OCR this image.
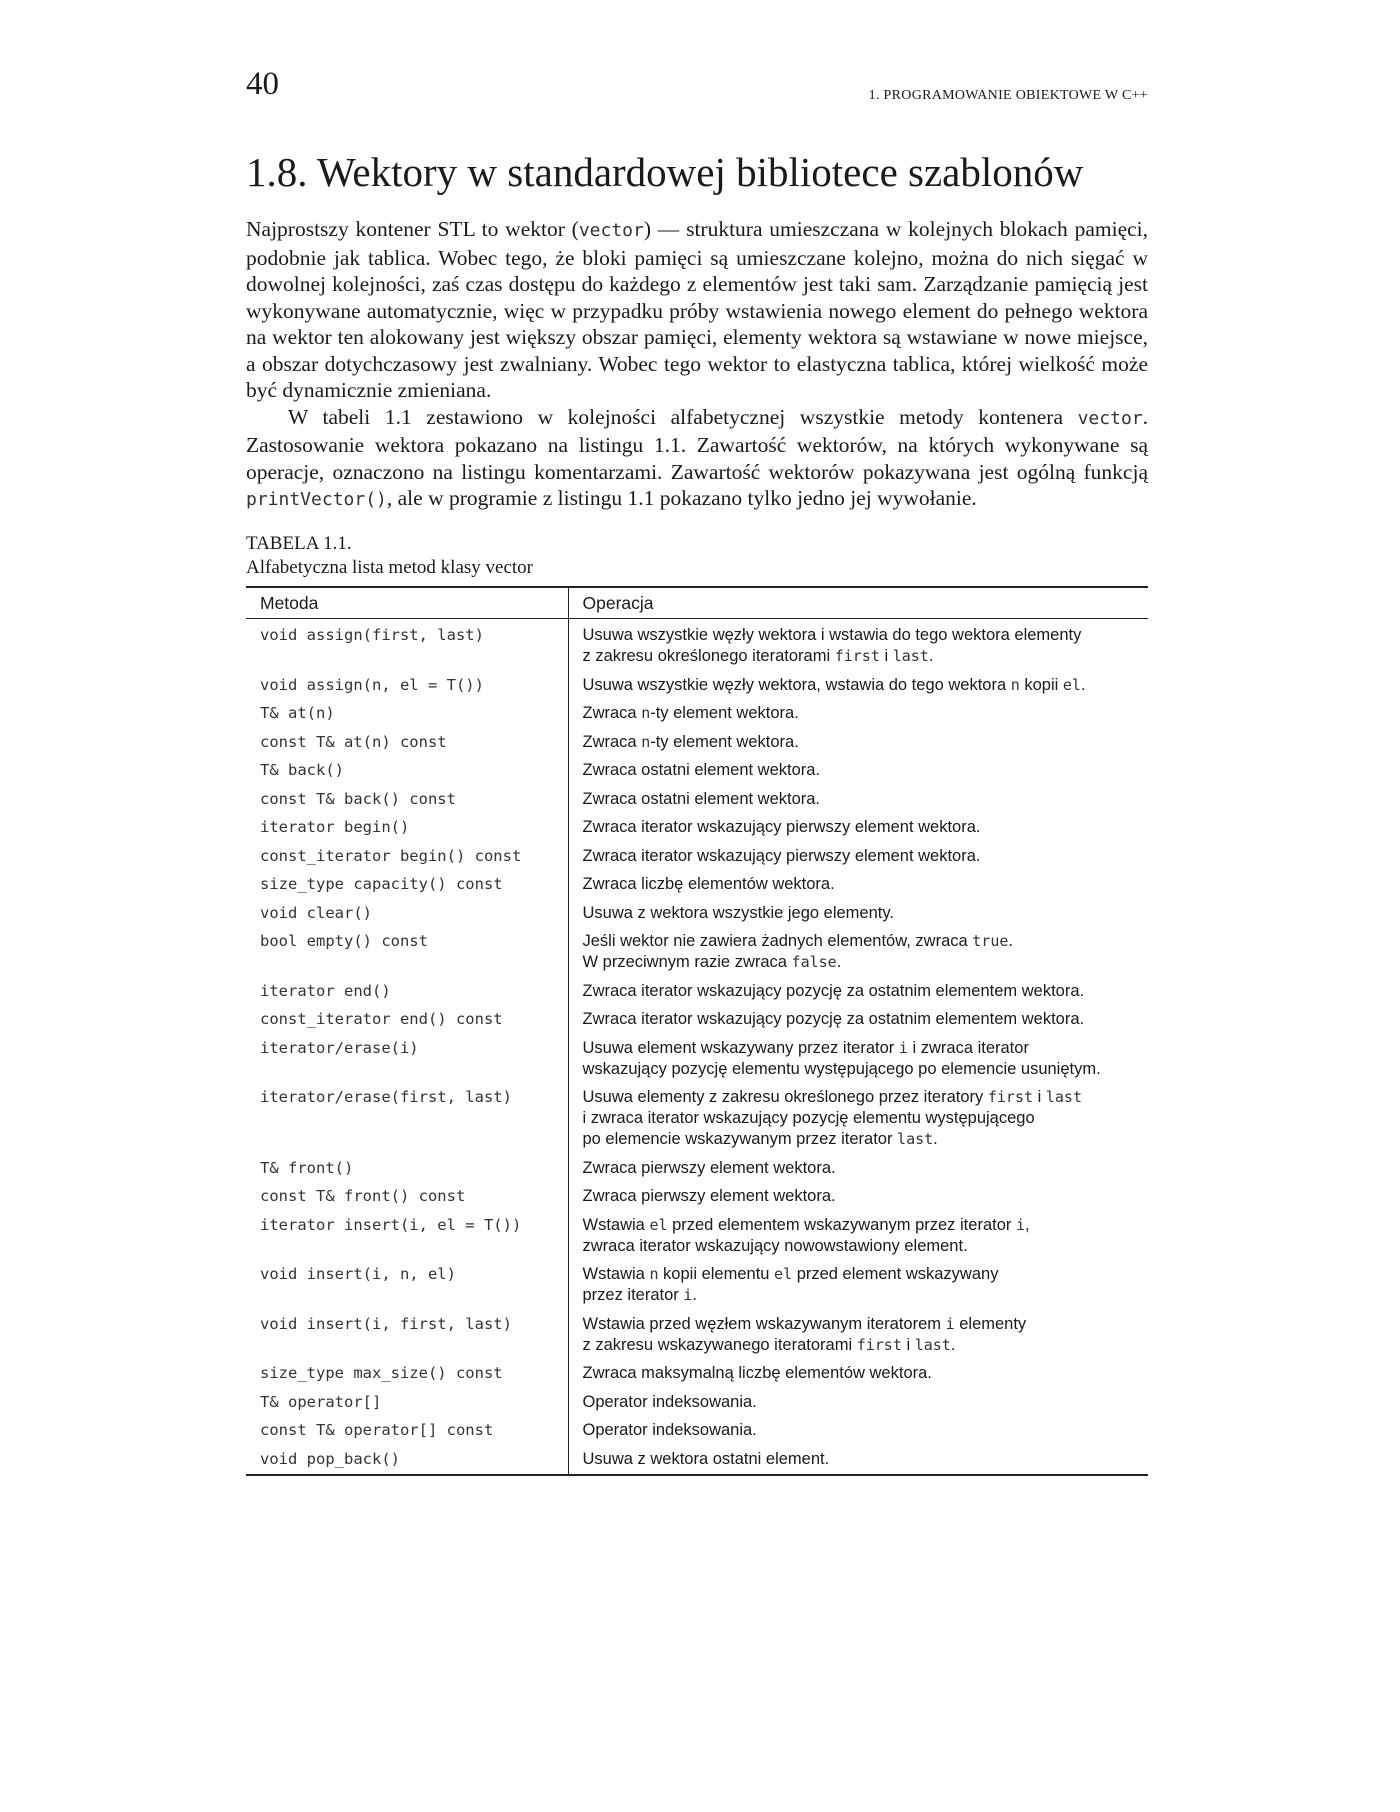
40	1. PROGRAMOWANIE OBIEKTOWE W C++
1.8. Wektory w standardowej bibliotece szablonów

Najprostszy kontener STL to wektor (vector) — struktura umieszczana w kolejnych blokach pamięci, podobnie jak tablica. Wobec tego, że bloki pamięci są umieszczane kolejno, można do nich sięgać w dowolnej kolejności, zaś czas dostępu do każdego z elementów jest taki sam. Zarządzanie pamięcią jest wykonywane automatycznie, więc w przypadku próby wstawienia nowego element do pełnego wektora na wektor ten alokowany jest większy obszar pamięci, elementy wektora są wstawiane w nowe miejsce, a obszar dotychczasowy jest zwalniany. Wobec tego wektor to elastyczna tablica, której wielkość może być dynamicznie zmieniana.

W tabeli 1.1 zestawiono w kolejności alfabetycznej wszystkie metody kontenera vector. Zastosowanie wektora pokazano na listingu 1.1. Zawartość wektorów, na których wykonywane są operacje, oznaczono na listingu komentarzami. Zawartość wektorów pokazywana jest ogólną funkcją printVector(), ale w programie z listingu 1.1 pokazano tylko jedno jej wywołanie.

TABELA 1.1.
Alfabetyczna lista metod klasy vector
Metoda	Operacja
void assign(first, last)	Usuwa wszystkie węzły wektora i wstawia do tego wektora elementy
z zakresu określonego iteratorami first i last.

void assign(n, el = T())	Usuwa wszystkie węzły wektora, wstawia do tego wektora n kopii el.

T& at(n)	Zwraca n-ty element wektora.

const T& at(n) const	Zwraca n-ty element wektora.

T& back()	Zwraca ostatni element wektora.

const T& back() const	Zwraca ostatni element wektora.

iterator begin()	Zwraca iterator wskazujący pierwszy element wektora.

const_iterator begin() const	Zwraca iterator wskazujący pierwszy element wektora.

size_type capacity() const	Zwraca liczbę elementów wektora.

void clear()	Usuwa z wektora wszystkie jego elementy.

bool empty() const	Jeśli wektor nie zawiera żadnych elementów, zwraca true.
W przeciwnym razie zwraca false.

iterator end()	Zwraca iterator wskazujący pozycję za ostatnim elementem wektora.

const_iterator end() const	Zwraca iterator wskazujący pozycję za ostatnim elementem wektora.

iterator/erase(i)	Usuwa element wskazywany przez iterator i i zwraca iterator
wskazujący pozycję elementu występującego po elemencie usuniętym.

iterator/erase(first, last)	Usuwa elementy z zakresu określonego przez iteratory first i last
i zwraca iterator wskazujący pozycję elementu występującego
po elemencie wskazywanym przez iterator last.

T& front()	Zwraca pierwszy element wektora.

const T& front() const	Zwraca pierwszy element wektora.

iterator insert(i, el = T())	Wstawia el przed elementem wskazywanym przez iterator i,
zwraca iterator wskazujący nowowstawiony element.

void insert(i, n, el)	Wstawia n kopii elementu el przed element wskazywany
przez iterator i.

void insert(i, first, last)	Wstawia przed węzłem wskazywanym iteratorem i elementy
z zakresu wskazywanego iteratorami first i last.

size_type max_size() const	Zwraca maksymalną liczbę elementów wektora.

T& operator[]	Operator indeksowania.

const T& operator[] const	Operator indeksowania.

void pop_back()	Usuwa z wektora ostatni element.
